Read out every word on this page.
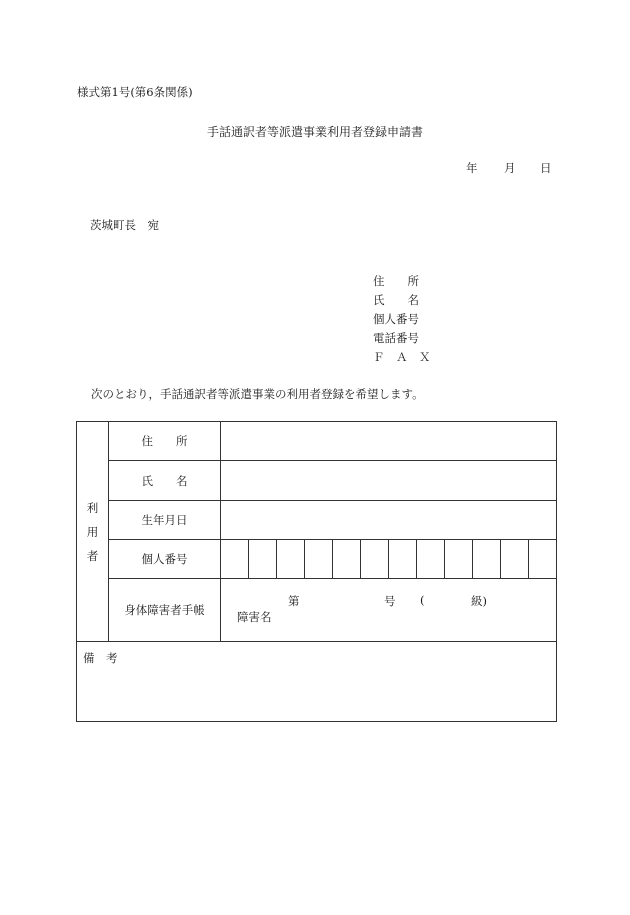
様式第1号(第6条関係)
手話通訳者等派遣事業利用者登録申請書
年 月 日
茨城町長　宛
住　　所
氏　　名
個人番号
電話番号
Ｆ　Ａ　Ｘ
次のとおり，手話通訳者等派遣事業の利用者登録を希望します。
利
用
者	住　　所	
	氏　　名	
	生年月日	
	個人番号	

	身体障害者手帳	第 号 ( 級)
障害名

備　考		
